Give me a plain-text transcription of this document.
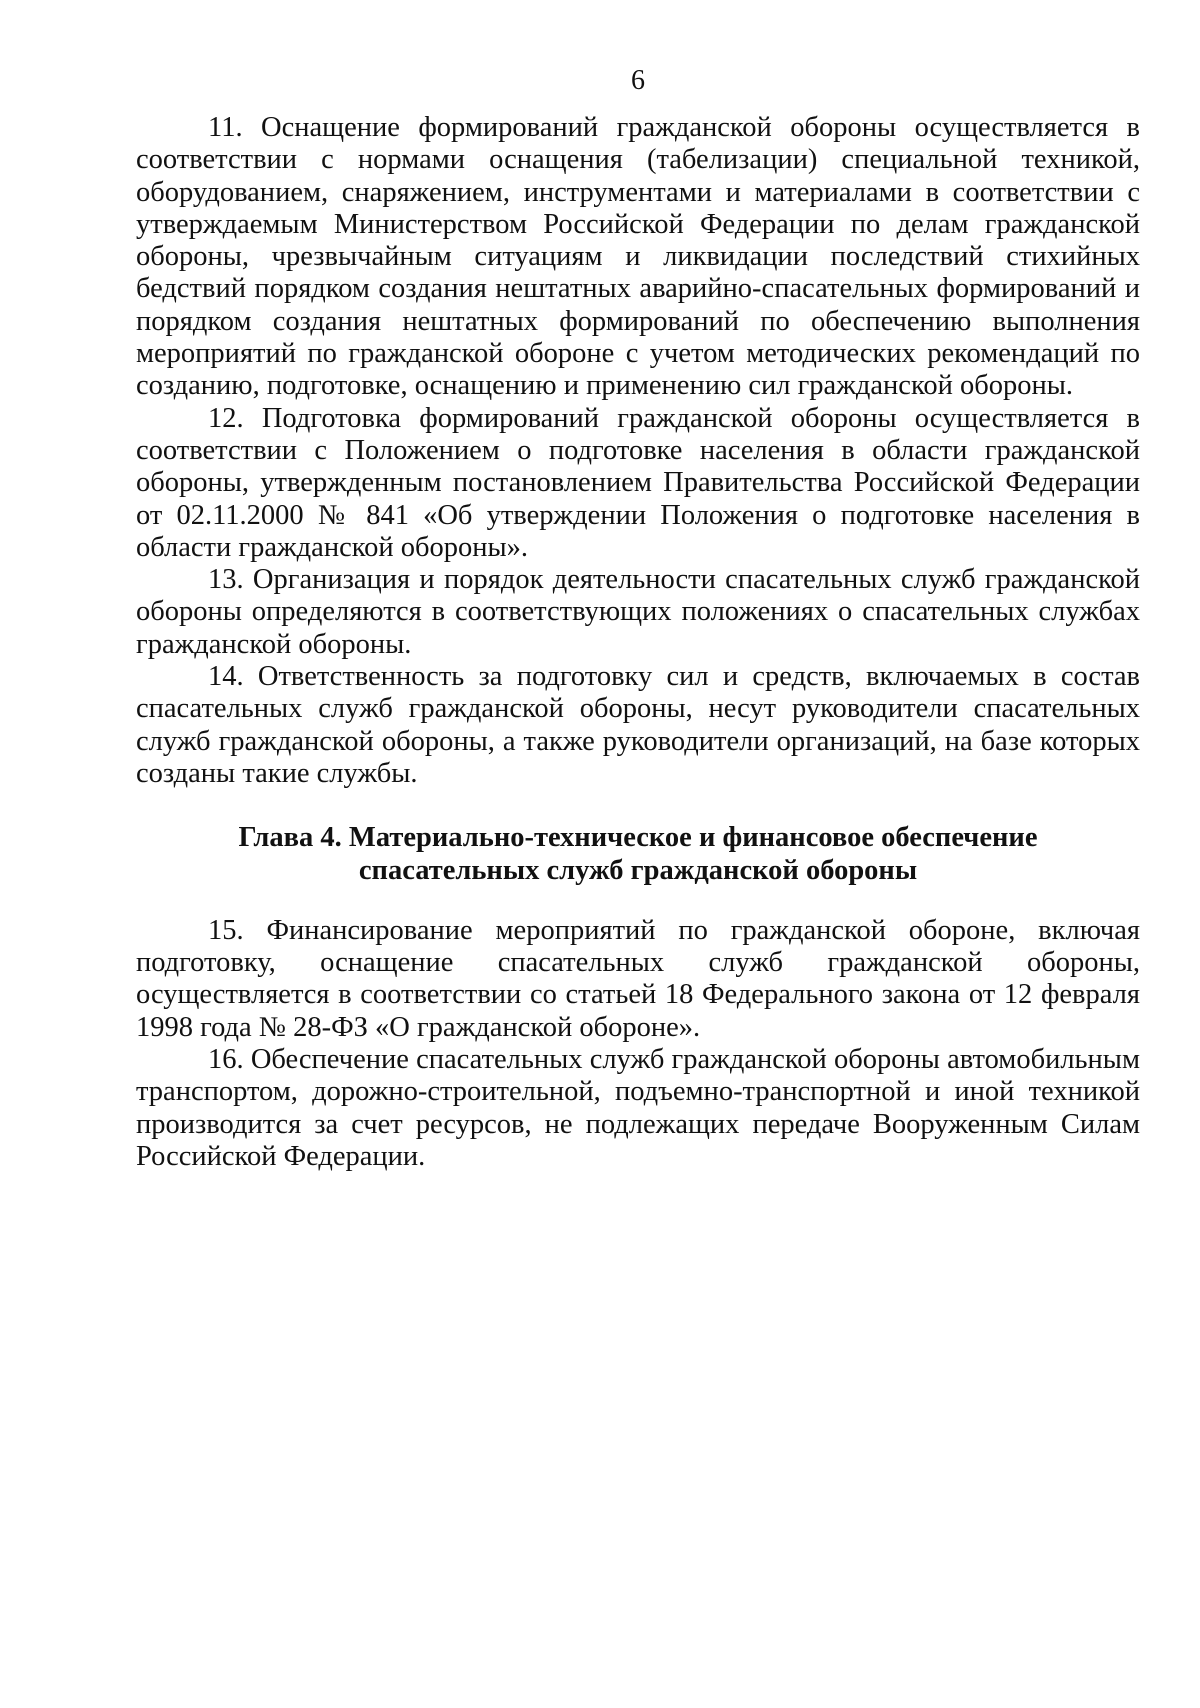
6

11. Оснащение формирований гражданской обороны осуществляется в соответствии с нормами оснащения (табелизации) специальной техникой, оборудованием, снаряжением, инструментами и материалами в соответствии с утверждаемым Министерством Российской Федерации по делам гражданской обороны, чрезвычайным ситуациям и ликвидации последствий стихийных бедствий порядком создания нештатных аварийно-спасательных формирований и порядком создания нештатных формирований по обеспечению выполнения мероприятий по гражданской обороне с учетом методических рекомендаций по созданию, подготовке, оснащению и применению сил гражданской обороны.

12. Подготовка формирований гражданской обороны осуществляется в соответствии с Положением о подготовке населения в области гражданской обороны, утвержденным постановлением Правительства Российской Федерации от 02.11.2000 № 841 «Об утверждении Положения о подготовке населения в области гражданской обороны».

13. Организация и порядок деятельности спасательных служб гражданской обороны определяются в соответствующих положениях о спасательных службах гражданской обороны.

14. Ответственность за подготовку сил и средств, включаемых в состав спасательных служб гражданской обороны, несут руководители спасательных служб гражданской обороны, а также руководители организаций, на базе которых созданы такие службы.

Глава 4. Материально-техническое и финансовое обеспечение
спасательных служб гражданской обороны

15. Финансирование мероприятий по гражданской обороне, включая подготовку, оснащение спасательных служб гражданской обороны, осуществляется в соответствии со статьей 18 Федерального закона от 12 февраля 1998 года № 28-ФЗ «О гражданской обороне».

16. Обеспечение спасательных служб гражданской обороны автомобильным транспортом, дорожно-строительной, подъемно-транспортной и иной техникой производится за счет ресурсов, не подлежащих передаче Вооруженным Силам Российской Федерации.
